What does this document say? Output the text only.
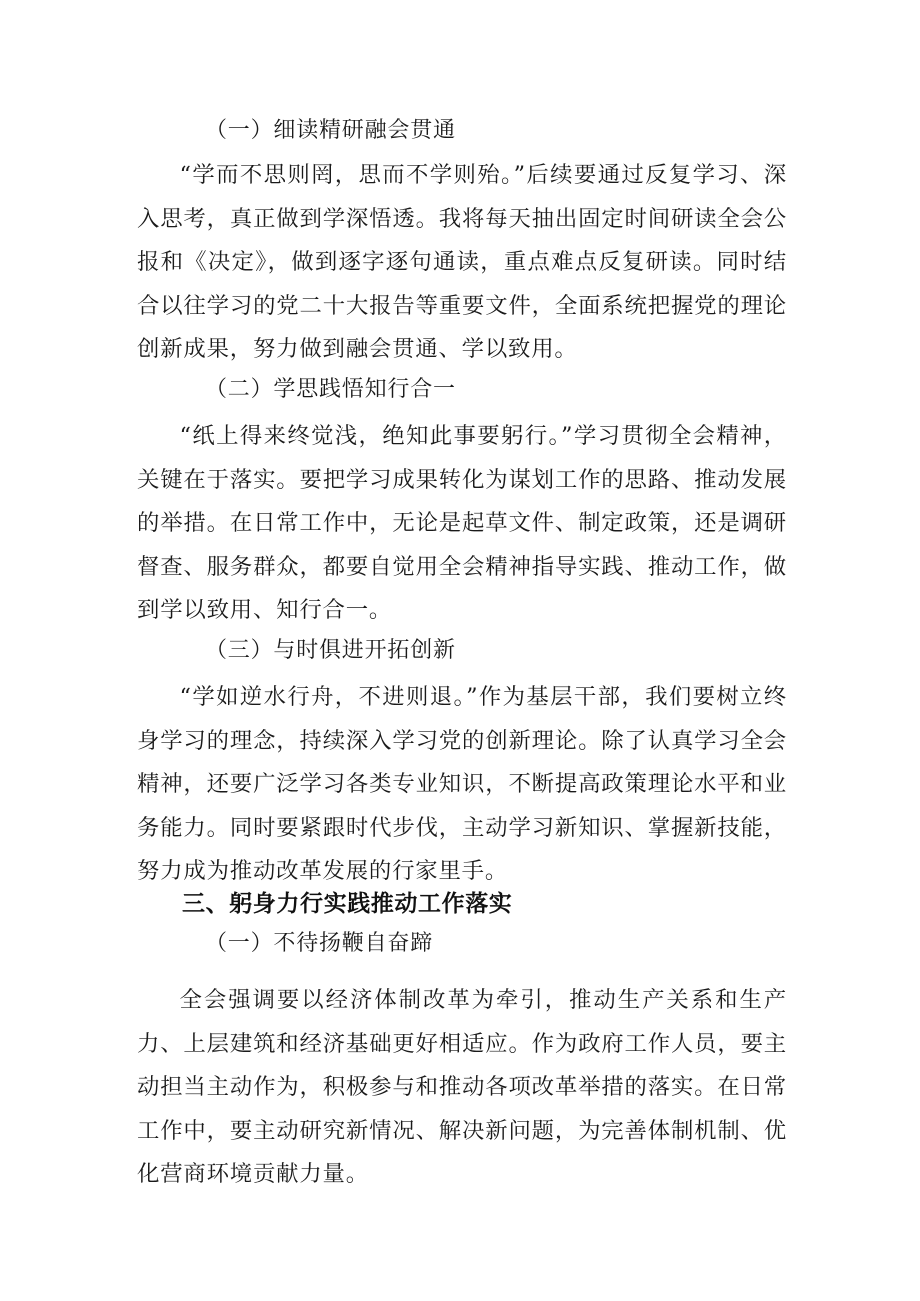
（一）细读精研融会贯通

“学而不思则罔，思而不学则殆。”后续要通过反复学习、深入思考，真正做到学深悟透。我将每天抽出固定时间研读全会公报和《决定》，做到逐字逐句通读，重点难点反复研读。同时结合以往学习的党二十大报告等重要文件，全面系统把握党的理论创新成果，努力做到融会贯通、学以致用。

（二）学思践悟知行合一

“纸上得来终觉浅，绝知此事要躬行。”学习贯彻全会精神，关键在于落实。要把学习成果转化为谋划工作的思路、推动发展的举措。在日常工作中，无论是起草文件、制定政策，还是调研督查、服务群众，都要自觉用全会精神指导实践、推动工作，做到学以致用、知行合一。

（三）与时俱进开拓创新

“学如逆水行舟，不进则退。”作为基层干部，我们要树立终身学习的理念，持续深入学习党的创新理论。除了认真学习全会精神，还要广泛学习各类专业知识，不断提高政策理论水平和业务能力。同时要紧跟时代步伐，主动学习新知识、掌握新技能，努力成为推动改革发展的行家里手。

三、躬身力行实践推动工作落实
（一）不待扬鞭自奋蹄

全会强调要以经济体制改革为牵引，推动生产关系和生产力、上层建筑和经济基础更好相适应。作为政府工作人员，要主动担当主动作为，积极参与和推动各项改革举措的落实。在日常工作中，要主动研究新情况、解决新问题，为完善体制机制、优化营商环境贡献力量。
